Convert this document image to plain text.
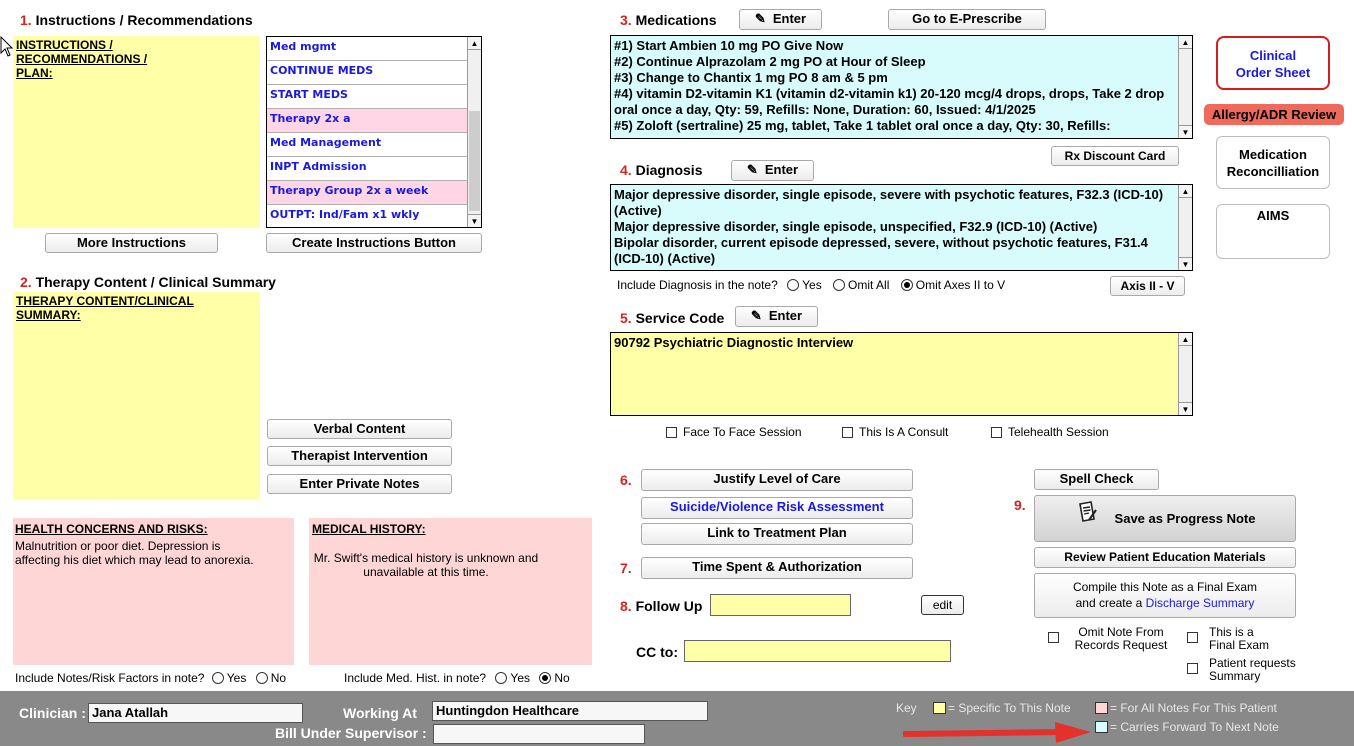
1. Instructions / Recommendations
INSTRUCTIONS / RECOMMENDATIONS / PLAN:
Med mgmt
CONTINUE MEDS
START MEDS
Therapy 2x a
Med Management
INPT Admission
Therapy Group 2x a week
OUTPT: Ind/Fam x1 wkly
▲
▼
More Instructions	Create Instructions Button
2. Therapy Content / Clinical Summary
THERAPY CONTENT/CLINICAL SUMMARY:
Verbal Content
Therapist Intervention
Enter Private Notes
HEALTH CONCERNS AND RISKS:
Malnutrition or poor diet. Depression is affecting his diet which may lead to anorexia.
MEDICAL HISTORY:
Mr. Swift's medical history is unknown and unavailable at this time.
Include Notes/Risk Factors in note? Yes No	Include Med. Hist. in note? Yes No
3. Medications	✎ Enter	Go to E-Prescribe
#1) Start Ambien 10 mg PO Give Now
#2) Continue Alprazolam 2 mg PO at Hour of Sleep
#3) Change to Chantix 1 mg PO 8 am & 5 pm
#4) vitamin D2-vitamin K1 (vitamin d2-vitamin k1) 20-120 mcg/4 drops, drops, Take 2 drop oral once a day, Qty: 59, Refills: None, Duration: 60, Issued: 4/1/2025
#5) Zoloft (sertraline) 25 mg, tablet, Take 1 tablet oral once a day, Qty: 30, Refills:
▲
▼
Rx Discount Card
4. Diagnosis	✎ Enter
Major depressive disorder, single episode, severe with psychotic features, F32.3 (ICD-10) (Active)
Major depressive disorder, single episode, unspecified, F32.9 (ICD-10) (Active)
Bipolar disorder, current episode depressed, severe, without psychotic features, F31.4 (ICD-10) (Active)
▲
▼
Include Diagnosis in the note? Yes Omit All Omit Axes II to V	Axis II - V
5. Service Code	✎ Enter
90792 Psychiatric Diagnostic Interview	▲
▼
Face To Face Session	This Is A Consult	Telehealth Session
6.	Justify Level of Care
Suicide/Violence Risk Assessment
Link to Treatment Plan
7.	Time Spent & Authorization
8. Follow Up	edit
CC to:
Spell Check
9.
Save as Progress Note
Review Patient Education Materials
Compile this Note as a Final Exam
and create a Discharge Summary
Omit Note From Records Request
This is a Final Exam
Patient requests Summary
Clinical Order Sheet
Allergy/ADR Review
Medication Reconcilliation
AIMS
Clinician : Jana Atallah	Working At	Huntingdon Healthcare
Bill Under Supervisor :
Key	= Specific To This Note	= For All Notes For This Patient
= Carries Forward To Next Note
